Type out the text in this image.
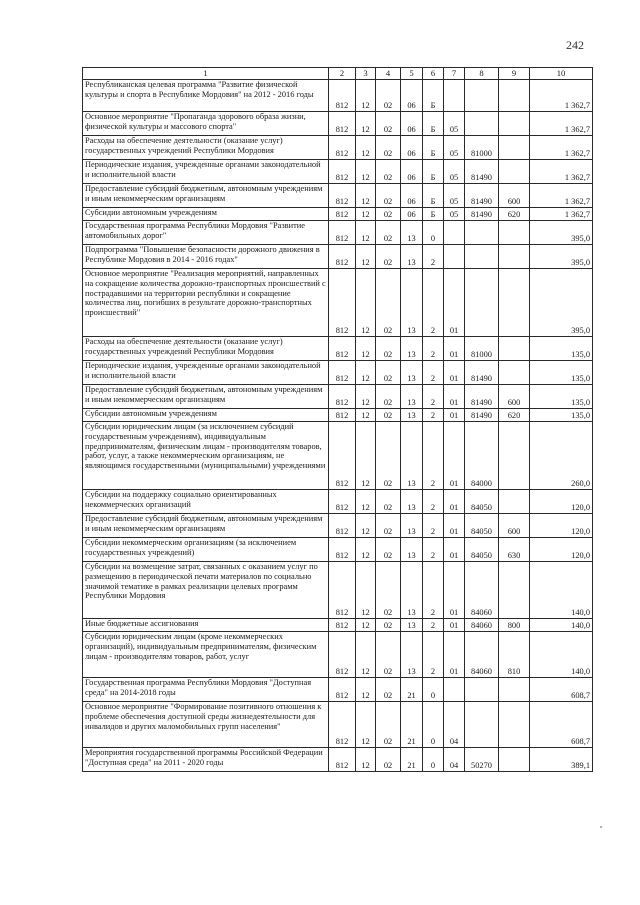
242
1	2	3	4	5	6	7	8	9	10
Республиканская целевая программа "Развитие физической культуры и спорта в Республике Мордовия" на 2012 - 2016 годы	812	12	02	06	Б				1 362,7
Основное мероприятие "Пропаганда здорового образа жизни, физической культуры и массового спорта"	812	12	02	06	Б	05			1 362,7
Расходы на обеспечение деятельности (оказание услуг) государственных учреждений Республики Мордовия	812	12	02	06	Б	05	81000		1 362,7
Периодические издания, учрежденные органами законодательной и исполнительной власти	812	12	02	06	Б	05	81490		1 362,7
Предоставление субсидий бюджетным, автономным учреждениям и иным некоммерческим организациям	812	12	02	06	Б	05	81490	600	1 362,7
Субсидии автономным учреждениям	812	12	02	06	Б	05	81490	620	1 362,7
Государственная программа Республики Мордовия "Развитие автомобильных дорог"	812	12	02	13	0				395,0
Подпрограмма "Повышение безопасности дорожного движения в Республике Мордовия в 2014 - 2016 годах"	812	12	02	13	2				395,0
Основное мероприятие "Реализация мероприятий, направленных на сокращение количества дорожно-транспортных происшествий с пострадавшими на территории республики и сокращение количества лиц, погибших в результате дорожно-транспортных происшествий"	812	12	02	13	2	01			395,0
Расходы на обеспечение деятельности (оказание услуг) государственных учреждений Республики Мордовия	812	12	02	13	2	01	81000		135,0
Периодические издания, учрежденные органами законодательной и исполнительной власти	812	12	02	13	2	01	81490		135,0
Предоставление субсидий бюджетным, автономным учреждениям и иным некоммерческим организациям	812	12	02	13	2	01	81490	600	135,0
Субсидии автономным учреждениям	812	12	02	13	2	01	81490	620	135,0
Субсидии юридическим лицам (за исключением субсидий государственным учреждениям), индивидуальным предпринимателям, физическим лицам - производителям товаров, работ, услуг, а также некоммерческим организациям, не являющимся государственными (муниципальными) учреждениями	812	12	02	13	2	01	84000		260,0
Субсидии на поддержку социально ориентированных некоммерческих организаций	812	12	02	13	2	01	84050		120,0
Предоставление субсидий бюджетным, автономным учреждениям и иным некоммерческим организациям	812	12	02	13	2	01	84050	600	120,0
Субсидии некоммерческим организациям (за исключением государственных учреждений)	812	12	02	13	2	01	84050	630	120,0
Субсидии на возмещение затрат, связанных с оказанием услуг по размещению в периодической печати материалов по социально значимой тематике в рамках реализации целевых программ Республики Мордовия	812	12	02	13	2	01	84060		140,0
Иные бюджетные ассигнования	812	12	02	13	2	01	84060	800	140,0
Субсидии юридическим лицам (кроме некоммерческих организаций), индивидуальным предпринимателям, физическим лицам - производителям товаров, работ, услуг	812	12	02	13	2	01	84060	810	140,0
Государственная программа Республики Мордовия "Доступная среда" на 2014-2018 годы	812	12	02	21	0				608,7
Основное мероприятие "Формирование позитивного отношения к проблеме обеспечения доступной среды жизнедеятельности для инвалидов и других маломобильных групп населения"	812	12	02	21	0	04			608,7
Мероприятия государственной программы Российской Федерации "Доступная среда" на 2011 - 2020 годы	812	12	02	21	0	04	50270		389,1
